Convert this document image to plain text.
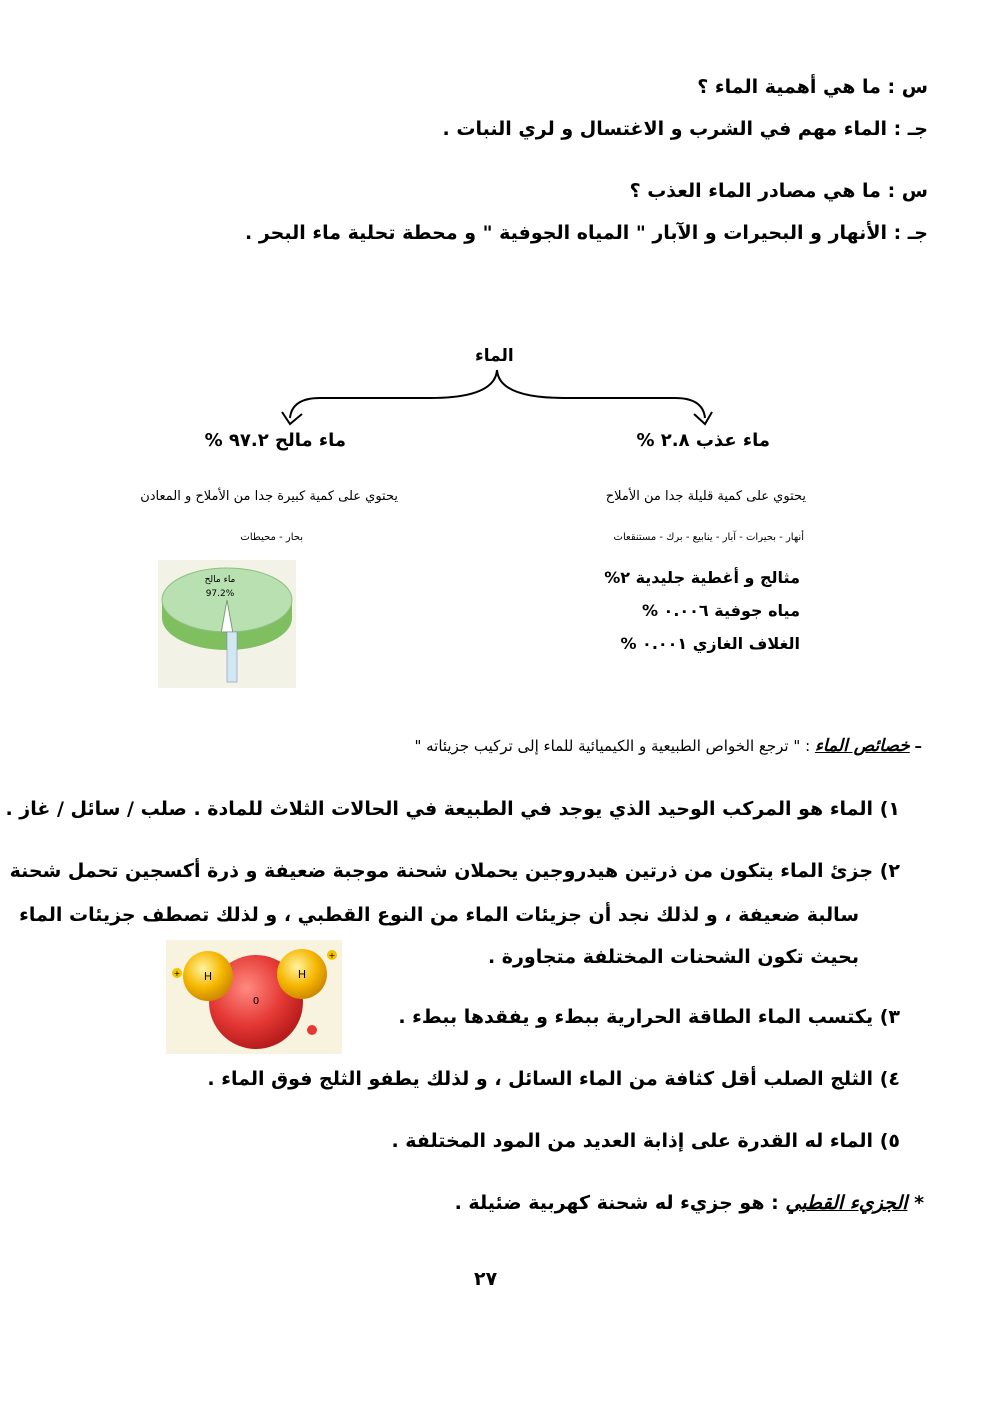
س : ما هي أهمية الماء ؟
جـ : الماء مهم في الشرب و الاغتسال و لري النبات .
س : ما هي مصادر الماء العذب ؟
جـ : الأنهار و البحيرات و الآبار " المياه الجوفية " و محطة تحلية ماء البحر .
الماء
ماء عذب ٢.٨ %
يحتوي على كمية قليلة جدا من الأملاح
أنهار - بحيرات - آبار - ينابيع - برك - مستنقعات
مثالج و أغطية جليدية ٢%
مياه جوفية ٠.٠٠٦ %
الغلاف الغازي ٠.٠٠١ %
ماء مالح ٩٧.٢ %
يحتوي على كمية كبيرة جدا من الأملاح و المعادن
بحار - محيطات
ماء مالح
97.2%
– خصائص الماء : " ترجع الخواص الطبيعية و الكيميائية للماء إلى تركيب جزيئاته "
١) الماء هو المركب الوحيد الذي يوجد في الطبيعة في الحالات الثلاث للمادة . صلب / سائل / غاز .
٢) جزئ الماء يتكون من ذرتين هيدروجين يحملان شحنة موجبة ضعيفة و ذرة أكسجين تحمل شحنة
سالبة ضعيفة ، و لذلك نجد أن جزيئات الماء من النوع القطبي ، و لذلك تصطف جزيئات الماء
بحيث تكون الشحنات المختلفة متجاورة .
H	H
0
+
+
٣) يكتسب الماء الطاقة الحرارية ببطء و يفقدها ببطء .
٤) الثلج الصلب أقل كثافة من الماء السائل ، و لذلك يطفو الثلج فوق الماء .
٥) الماء له القدرة على إذابة العديد من المود المختلفة .
* الجزيء القطبي : هو جزيء له شحنة كهربية ضئيلة .
٢٧
